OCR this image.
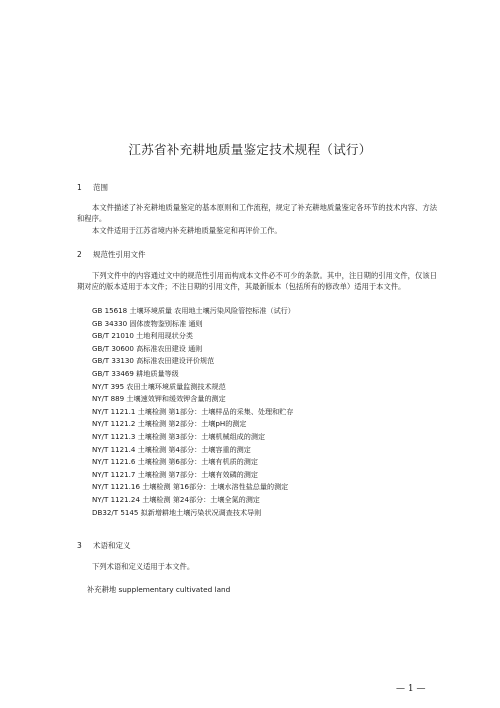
江苏省补充耕地质量鉴定技术规程（试行）
1 范围
本文件描述了补充耕地质量鉴定的基本原则和工作流程，规定了补充耕地质量鉴定各环节的技术内容、方法和程序。
本文件适用于江苏省境内补充耕地质量鉴定和再评价工作。
2 规范性引用文件
下列文件中的内容通过文中的规范性引用而构成本文件必不可少的条款。其中，注日期的引用文件，仅该日期对应的版本适用于本文件；不注日期的引用文件，其最新版本（包括所有的修改单）适用于本文件。
GB 15618 土壤环境质量 农用地土壤污染风险管控标准（试行）
GB 34330 固体废物鉴别标准 通则
GB/T 21010 土地利用现状分类
GB/T 30600 高标准农田建设 通则
GB/T 33130 高标准农田建设评价规范
GB/T 33469 耕地质量等级
NY/T 395 农田土壤环境质量监测技术规范
NY/T 889 土壤速效钾和缓效钾含量的测定
NY/T 1121.1 土壤检测 第1部分：土壤样品的采集、处理和贮存
NY/T 1121.2 土壤检测 第2部分：土壤pH的测定
NY/T 1121.3 土壤检测 第3部分：土壤机械组成的测定
NY/T 1121.4 土壤检测 第4部分：土壤容重的测定
NY/T 1121.6 土壤检测 第6部分：土壤有机质的测定
NY/T 1121.7 土壤检测 第7部分：土壤有效磷的测定
NY/T 1121.16 土壤检测 第16部分：土壤水溶性盐总量的测定
NY/T 1121.24 土壤检测 第24部分：土壤全氮的测定
DB32/T 5145 拟新增耕地土壤污染状况调查技术导则
3 术语和定义
下列术语和定义适用于本文件。
补充耕地 supplementary cultivated land
— 1 —
